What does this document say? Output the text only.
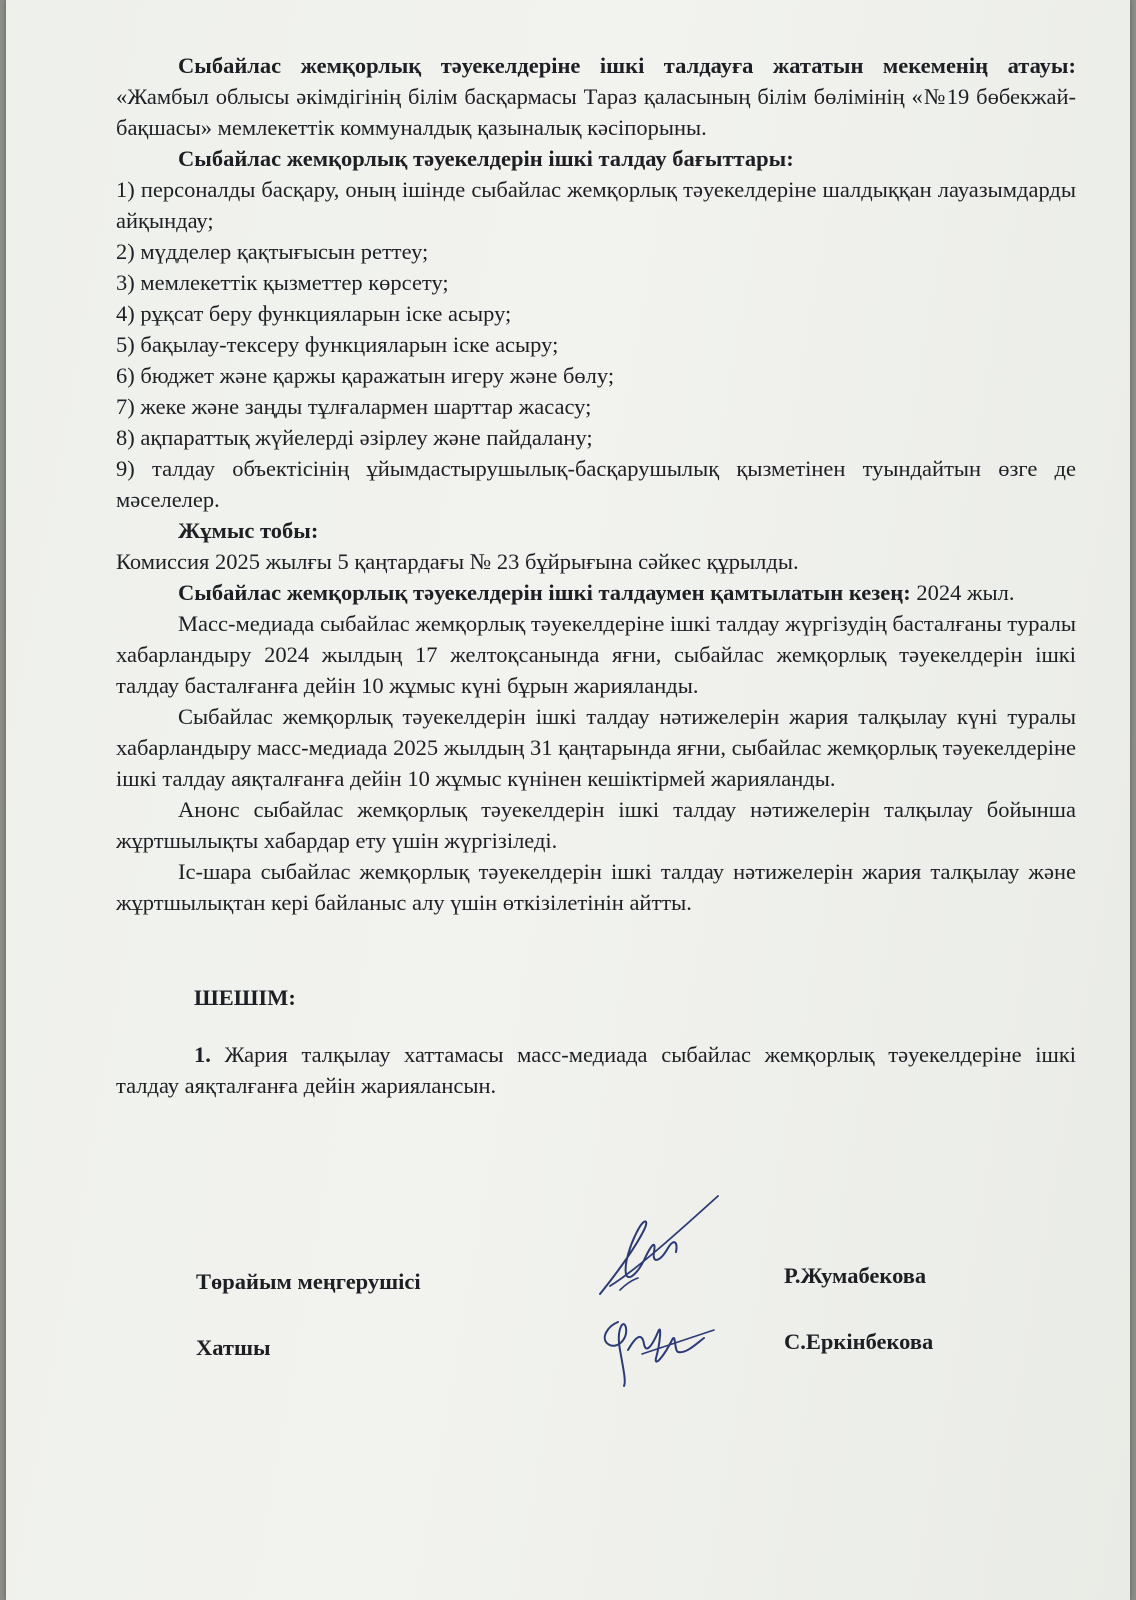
Сыбайлас жемқорлық тәуекелдеріне ішкі талдауға жататын мекеменің атауы: «Жамбыл облысы әкімдігінің білім басқармасы Тараз қаласының білім бөлімінің «№19 бөбекжай-бақшасы» мемлекеттік коммуналдық қазыналық кәсіпорыны.

Сыбайлас жемқорлық тәуекелдерін ішкі талдау бағыттары:

1) персоналды басқару, оның ішінде сыбайлас жемқорлық тәуекелдеріне шалдыққан лауазымдарды айқындау;

2) мүдделер қақтығысын реттеу;

3) мемлекеттік қызметтер көрсету;

4) рұқсат беру функцияларын іске асыру;

5) бақылау-тексеру функцияларын іске асыру;

6) бюджет және қаржы қаражатын игеру және бөлу;

7) жеке және заңды тұлғалармен шарттар жасасу;

8) ақпараттық жүйелерді әзірлеу және пайдалану;

9) талдау объектісінің ұйымдастырушылық-басқарушылық қызметінен туындайтын өзге де мәселелер.

Жұмыс тобы:

Комиссия 2025 жылғы 5 қаңтардағы № 23 бұйрығына сәйкес құрылды.

Сыбайлас жемқорлық тәуекелдерін ішкі талдаумен қамтылатын кезең: 2024 жыл.

Масс-медиада сыбайлас жемқорлық тәуекелдеріне ішкі талдау жүргізудің басталғаны туралы хабарландыру 2024 жылдың 17 желтоқсанында яғни, сыбайлас жемқорлық тәуекелдерін ішкі талдау басталғанға дейін 10 жұмыс күні бұрын жарияланды.

Сыбайлас жемқорлық тәуекелдерін ішкі талдау нәтижелерін жария талқылау күні туралы хабарландыру масс-медиада 2025 жылдың 31 қаңтарында яғни, сыбайлас жемқорлық тәуекелдеріне ішкі талдау аяқталғанға дейін 10 жұмыс күнінен кешіктірмей жарияланды.

Анонс сыбайлас жемқорлық тәуекелдерін ішкі талдау нәтижелерін талқылау бойынша жұртшылықты хабардар ету үшін жүргізіледі.

Іс-шара сыбайлас жемқорлық тәуекелдерін ішкі талдау нәтижелерін жария талқылау және жұртшылықтан кері байланыс алу үшін өткізілетінін айтты.

ШЕШІМ:

1. Жария талқылау хаттамасы масс-медиада сыбайлас жемқорлық тәуекелдеріне ішкі талдау аяқталғанға дейін жариялансын.

Төрайым меңгерушісі	Р.Жумабекова
Хатшы	С.Еркінбекова
